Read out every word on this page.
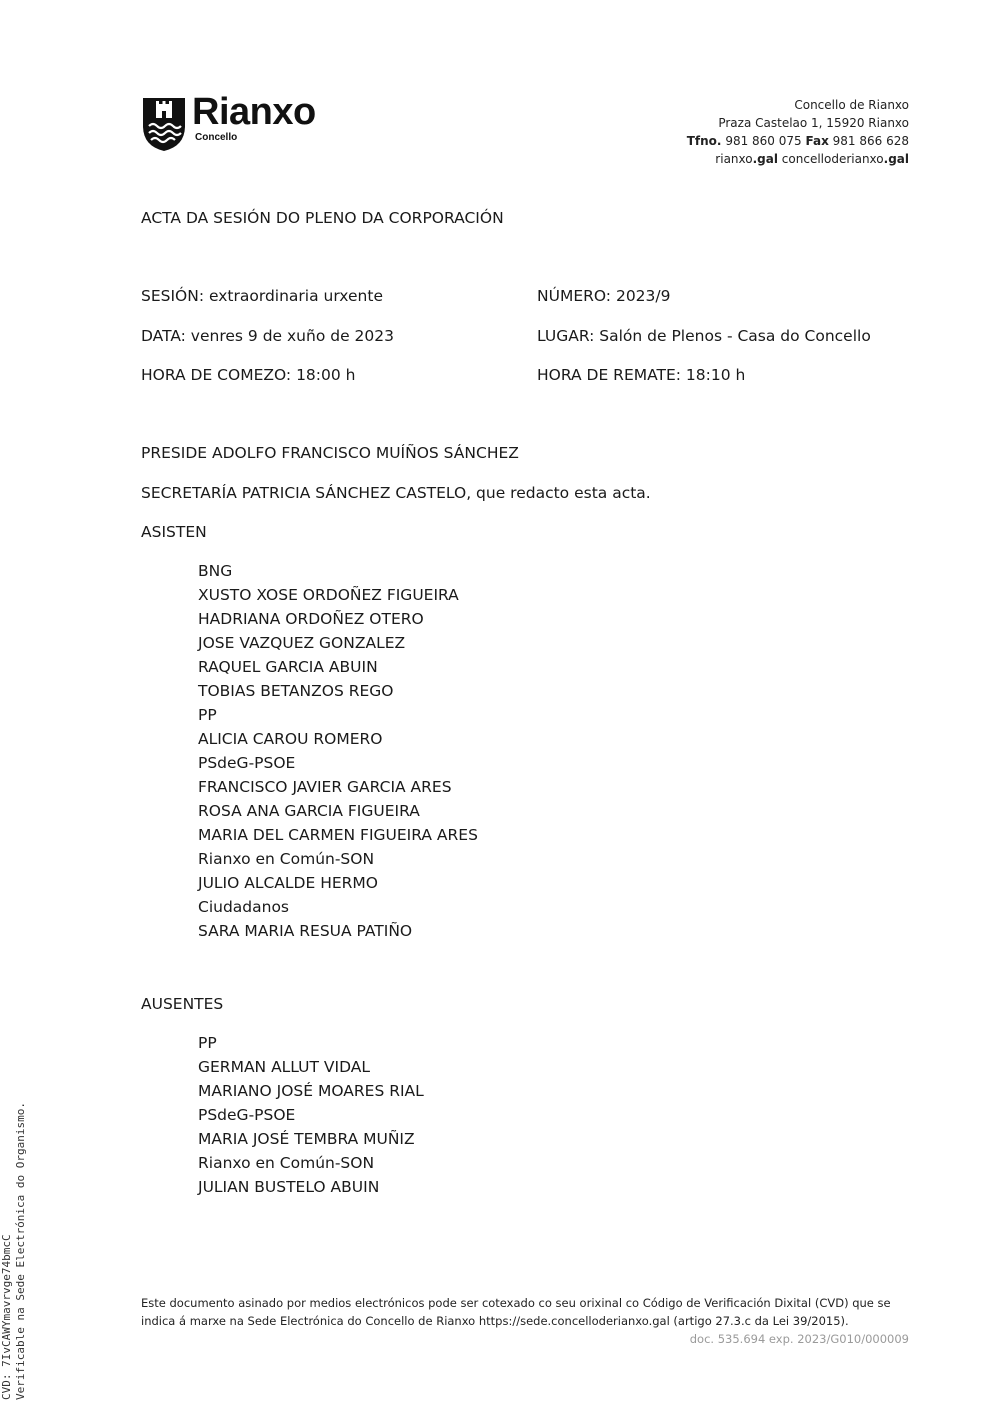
Rianxo
Concello
Concello de Rianxo
Praza Castelao 1, 15920 Rianxo
Tfno. 981 860 075 Fax 981 866 628
rianxo.gal concelloderianxo.gal
ACTA DA SESIÓN DO PLENO DA CORPORACIÓN
SESIÓN: extraordinaria urxente	NÚMERO: 2023/9
DATA: venres 9 de xuño de 2023	LUGAR: Salón de Plenos - Casa do Concello
HORA DE COMEZO: 18:00 h	HORA DE REMATE: 18:10 h
PRESIDE ADOLFO FRANCISCO MUÍÑOS SÁNCHEZ
SECRETARÍA PATRICIA SÁNCHEZ CASTELO, que redacto esta acta.
ASISTEN
BNG
XUSTO XOSE ORDOÑEZ FIGUEIRA
HADRIANA ORDOÑEZ OTERO
JOSE VAZQUEZ GONZALEZ
RAQUEL GARCIA ABUIN
TOBIAS BETANZOS REGO
PP
ALICIA CAROU ROMERO
PSdeG-PSOE
FRANCISCO JAVIER GARCIA ARES
ROSA ANA GARCIA FIGUEIRA
MARIA DEL CARMEN FIGUEIRA ARES
Rianxo en Común-SON
JULIO ALCALDE HERMO
Ciudadanos
SARA MARIA RESUA PATIÑO
AUSENTES
PP
GERMAN ALLUT VIDAL
MARIANO JOSÉ MOARES RIAL
PSdeG-PSOE
MARIA JOSÉ TEMBRA MUÑIZ
Rianxo en Común-SON
JULIAN BUSTELO ABUIN
Este documento asinado por medios electrónicos pode ser cotexado co seu orixinal co Código de Verificación Dixital (CVD) que se indica á marxe na Sede Electrónica do Concello de Rianxo https://sede.concelloderianxo.gal (artigo 27.3.c da Lei 39/2015).
doc. 535.694 exp. 2023/G010/000009
CVD: 7IvCAWYmavrvge74bmcC Verificable na Sede Electrónica do Organismo.
